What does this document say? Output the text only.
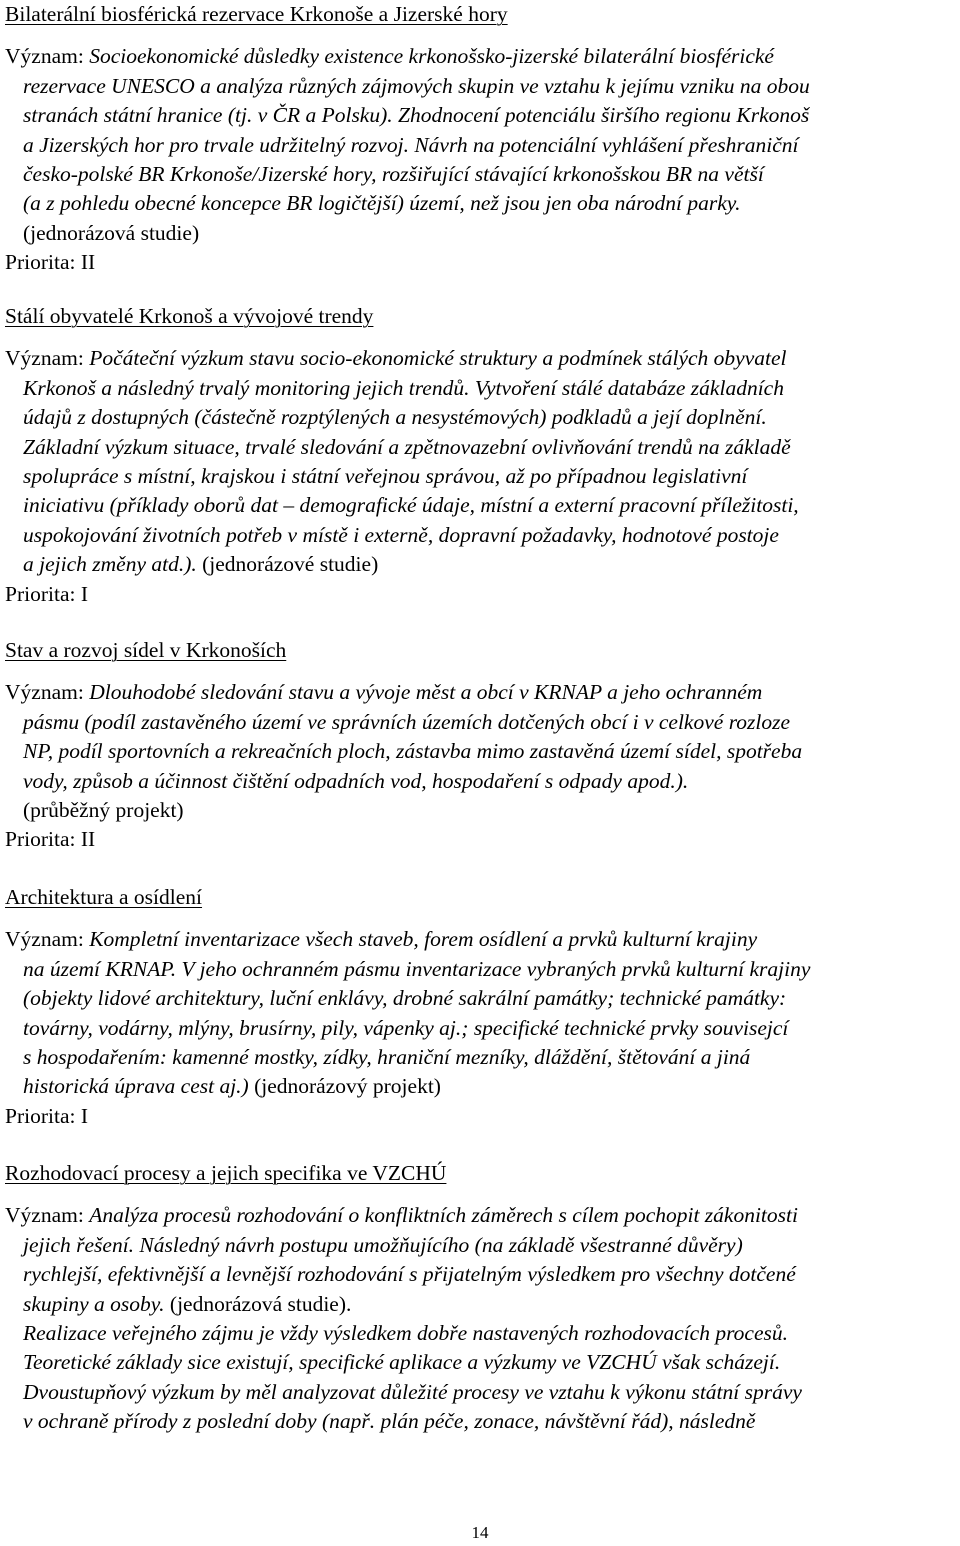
Bilaterální biosférická rezervace Krkonoše a Jizerské hory
Význam: Socioekonomické důsledky existence krkonošsko-jizerské bilaterální biosférické
rezervace UNESCO a analýza různých zájmových skupin ve vztahu k jejímu vzniku na obou
stranách státní hranice (tj. v ČR a Polsku). Zhodnocení potenciálu širšího regionu Krkonoš
a Jizerských hor pro trvale udržitelný rozvoj. Návrh na potenciální vyhlášení přeshraniční
česko-polské BR Krkonoše/Jizerské hory, rozšiřující stávající krkonošskou BR na větší
(a z pohledu obecné koncepce BR logičtější) území, než jsou jen oba národní parky.
(jednorázová studie)
Priorita: II
Stálí obyvatelé Krkonoš a vývojové trendy
Význam: Počáteční výzkum stavu socio-ekonomické struktury a podmínek stálých obyvatel
Krkonoš a následný trvalý monitoring jejich trendů. Vytvoření stálé databáze základních
údajů z dostupných (částečně rozptýlených a nesystémových) podkladů a její doplnění.
Základní výzkum situace, trvalé sledování a zpětnovazební ovlivňování trendů na základě
spolupráce s místní, krajskou i státní veřejnou správou, až po případnou legislativní
iniciativu (příklady oborů dat – demografické údaje, místní a externí pracovní příležitosti,
uspokojování životních potřeb v místě i externě, dopravní požadavky, hodnotové postoje
a jejich změny atd.). (jednorázové studie)
Priorita: I
Stav a rozvoj sídel v Krkonoších
Význam: Dlouhodobé sledování stavu a vývoje měst a obcí v KRNAP a jeho ochranném
pásmu (podíl zastavěného území ve správních územích dotčených obcí i v celkové rozloze
NP, podíl sportovních a rekreačních ploch, zástavba mimo zastavěná území sídel, spotřeba
vody, způsob a účinnost čištění odpadních vod, hospodaření s odpady apod.).
(průběžný projekt)
Priorita: II
Architektura a osídlení
Význam: Kompletní inventarizace všech staveb, forem osídlení a prvků kulturní krajiny
na území KRNAP. V jeho ochranném pásmu inventarizace vybraných prvků kulturní krajiny
(objekty lidové architektury, luční enklávy, drobné sakrální památky; technické památky:
továrny, vodárny, mlýny, brusírny, pily, vápenky aj.; specifické technické prvky souvisejcí
s hospodařením: kamenné mostky, zídky, hraniční mezníky, dláždění, štětování a jiná
historická úprava cest aj.) (jednorázový projekt)
Priorita: I
Rozhodovací procesy a jejich specifika ve VZCHÚ
Význam: Analýza procesů rozhodování o konfliktních záměrech s cílem pochopit zákonitosti
jejich řešení. Následný návrh postupu umožňujícího (na základě všestranné důvěry)
rychlejší, efektivnější a levnější rozhodování s přijatelným výsledkem pro všechny dotčené
skupiny a osoby. (jednorázová studie).
Realizace veřejného zájmu je vždy výsledkem dobře nastavených rozhodovacích procesů.
Teoretické základy sice existují, specifické aplikace a výzkumy ve VZCHÚ však scházejí.
Dvoustupňový výzkum by měl analyzovat důležité procesy ve vztahu k výkonu státní správy
v ochraně přírody z poslední doby (např. plán péče, zonace, návštěvní řád), následně
14
